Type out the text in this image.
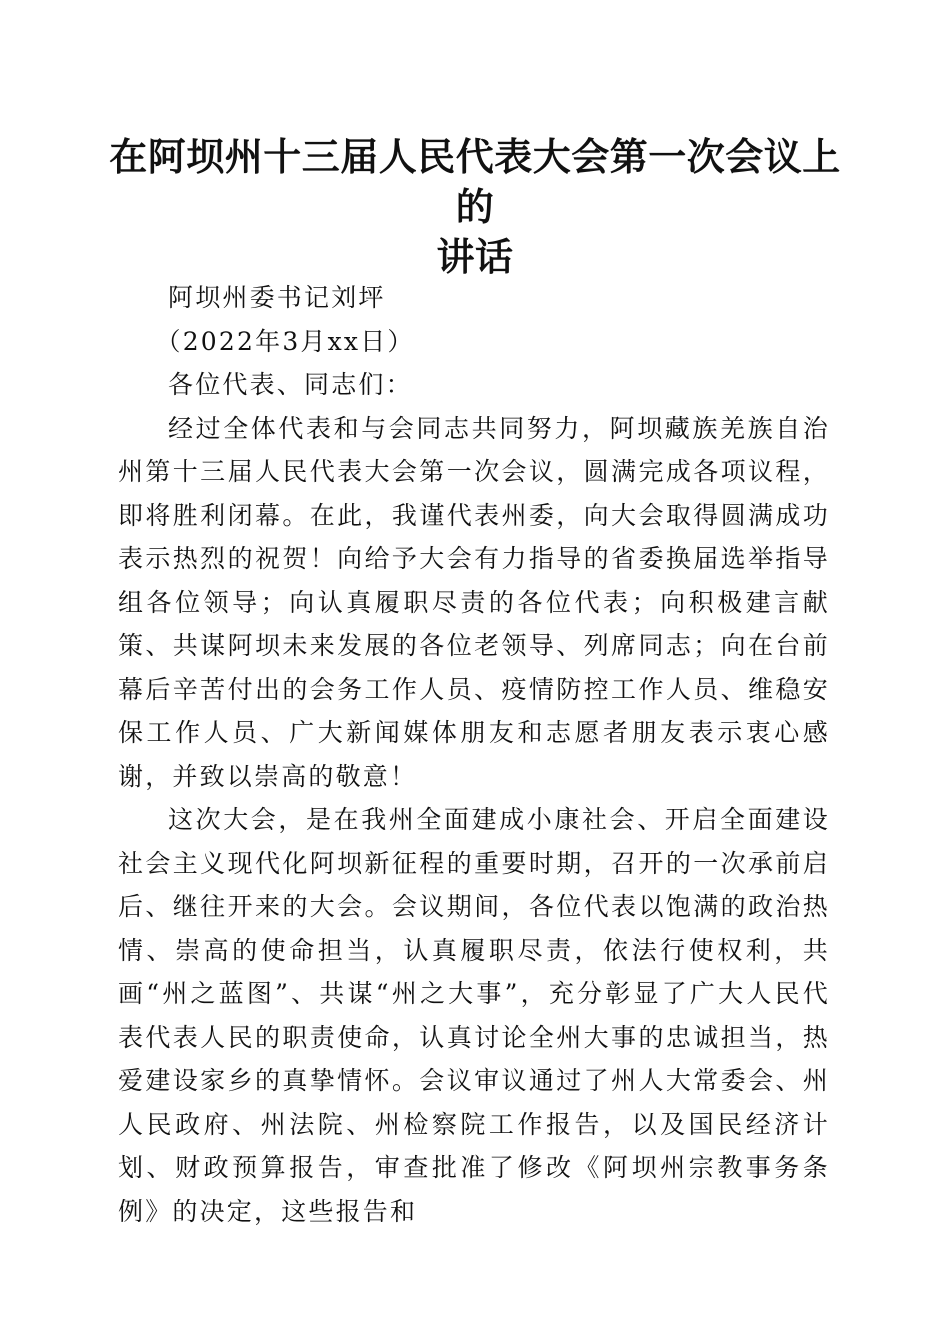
在阿坝州十三届人民代表大会第一次会议上的
讲话

阿坝州委书记刘坪

（2022年3月xx日）

各位代表、同志们：

经过全体代表和与会同志共同努力，阿坝藏族羌族自治州第十三届人民代表大会第一次会议，圆满完成各项议程，即将胜利闭幕。在此，我谨代表州委，向大会取得圆满成功表示热烈的祝贺！向给予大会有力指导的省委换届选举指导组各位领导；向认真履职尽责的各位代表；向积极建言献策、共谋阿坝未来发展的各位老领导、列席同志；向在台前幕后辛苦付出的会务工作人员、疫情防控工作人员、维稳安保工作人员、广大新闻媒体朋友和志愿者朋友表示衷心感谢，并致以崇高的敬意！

这次大会，是在我州全面建成小康社会、开启全面建设社会主义现代化阿坝新征程的重要时期，召开的一次承前启后、继往开来的大会。会议期间，各位代表以饱满的政治热情、崇高的使命担当，认真履职尽责，依法行使权利，共画“州之蓝图”、共谋“州之大事”，充分彰显了广大人民代表代表人民的职责使命，认真讨论全州大事的忠诚担当，热爱建设家乡的真挚情怀。会议审议通过了州人大常委会、州人民政府、州法院、州检察院工作报告，以及国民经济计划、财政预算报告，审查批准了修改《阿坝州宗教事务条例》的决定，这些报告和
